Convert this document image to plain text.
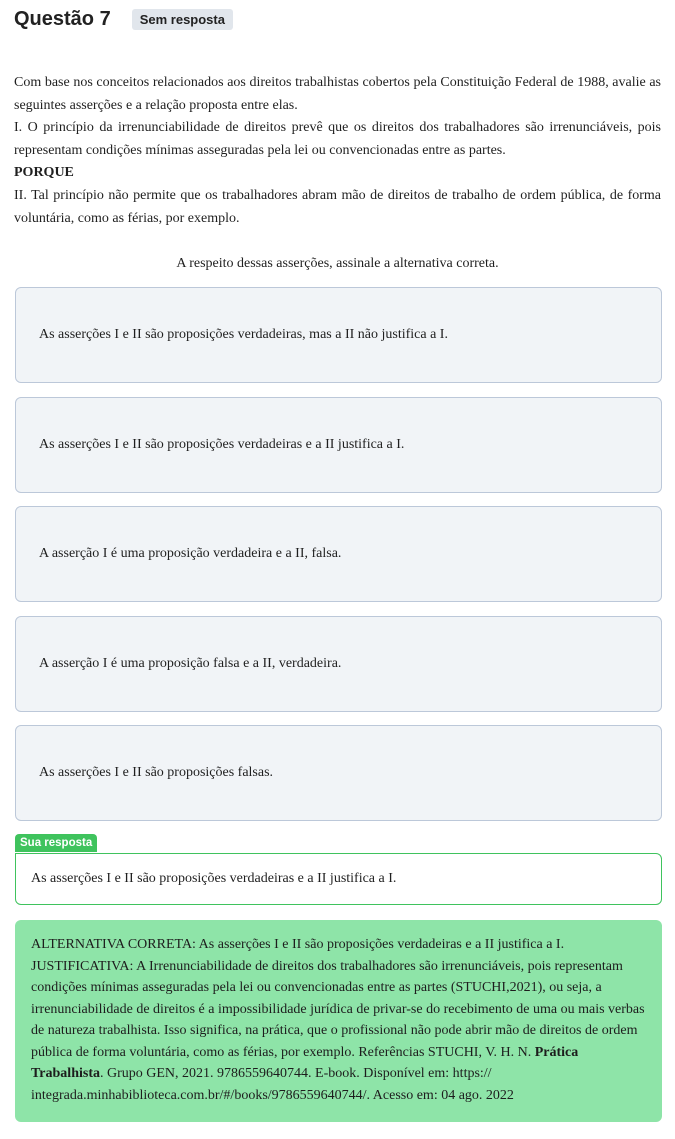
Questão 7	Sem resposta

Com base nos conceitos relacionados aos direitos trabalhistas cobertos pela Constituição Federal de 1988, avalie as seguintes asserções e a relação proposta entre elas.

I. O princípio da irrenunciabilidade de direitos prevê que os direitos dos trabalhadores são irrenunciáveis, pois representam condições mínimas asseguradas pela lei ou convencionadas entre as partes.

PORQUE

II. Tal princípio não permite que os trabalhadores abram mão de direitos de trabalho de ordem pública, de forma voluntária, como as férias, por exemplo.

A respeito dessas asserções, assinale a alternativa correta.
As asserções I e II são proposições verdadeiras, mas a II não justifica a I.
As asserções I e II são proposições verdadeiras e a II justifica a I.
A asserção I é uma proposição verdadeira e a II, falsa.
A asserção I é uma proposição falsa e a II, verdadeira.
As asserções I e II são proposições falsas.
Sua resposta
As asserções I e II são proposições verdadeiras e a II justifica a I.
ALTERNATIVA CORRETA: As asserções I e II são proposições verdadeiras e a II justifica a I. JUSTIFICATIVA: A Irrenunciabilidade de direitos dos trabalhadores são irrenunciáveis, pois representam condições mínimas asseguradas pela lei ou convencionadas entre as partes (STUCHI,2021), ou seja, a irrenunciabilidade de direitos é a impossibilidade jurídica de privar-se do recebimento de uma ou mais verbas de natureza trabalhista. Isso significa, na prática, que o profissional não pode abrir mão de direitos de ordem pública de forma voluntária, como as férias, por exemplo. Referências STUCHI, V. H. N. Prática Trabalhista. Grupo GEN, 2021. 9786559640744. E-book. Disponível em: https:// integrada.minhabiblioteca.com.br/#/books/9786559640744/. Acesso em: 04 ago. 2022
